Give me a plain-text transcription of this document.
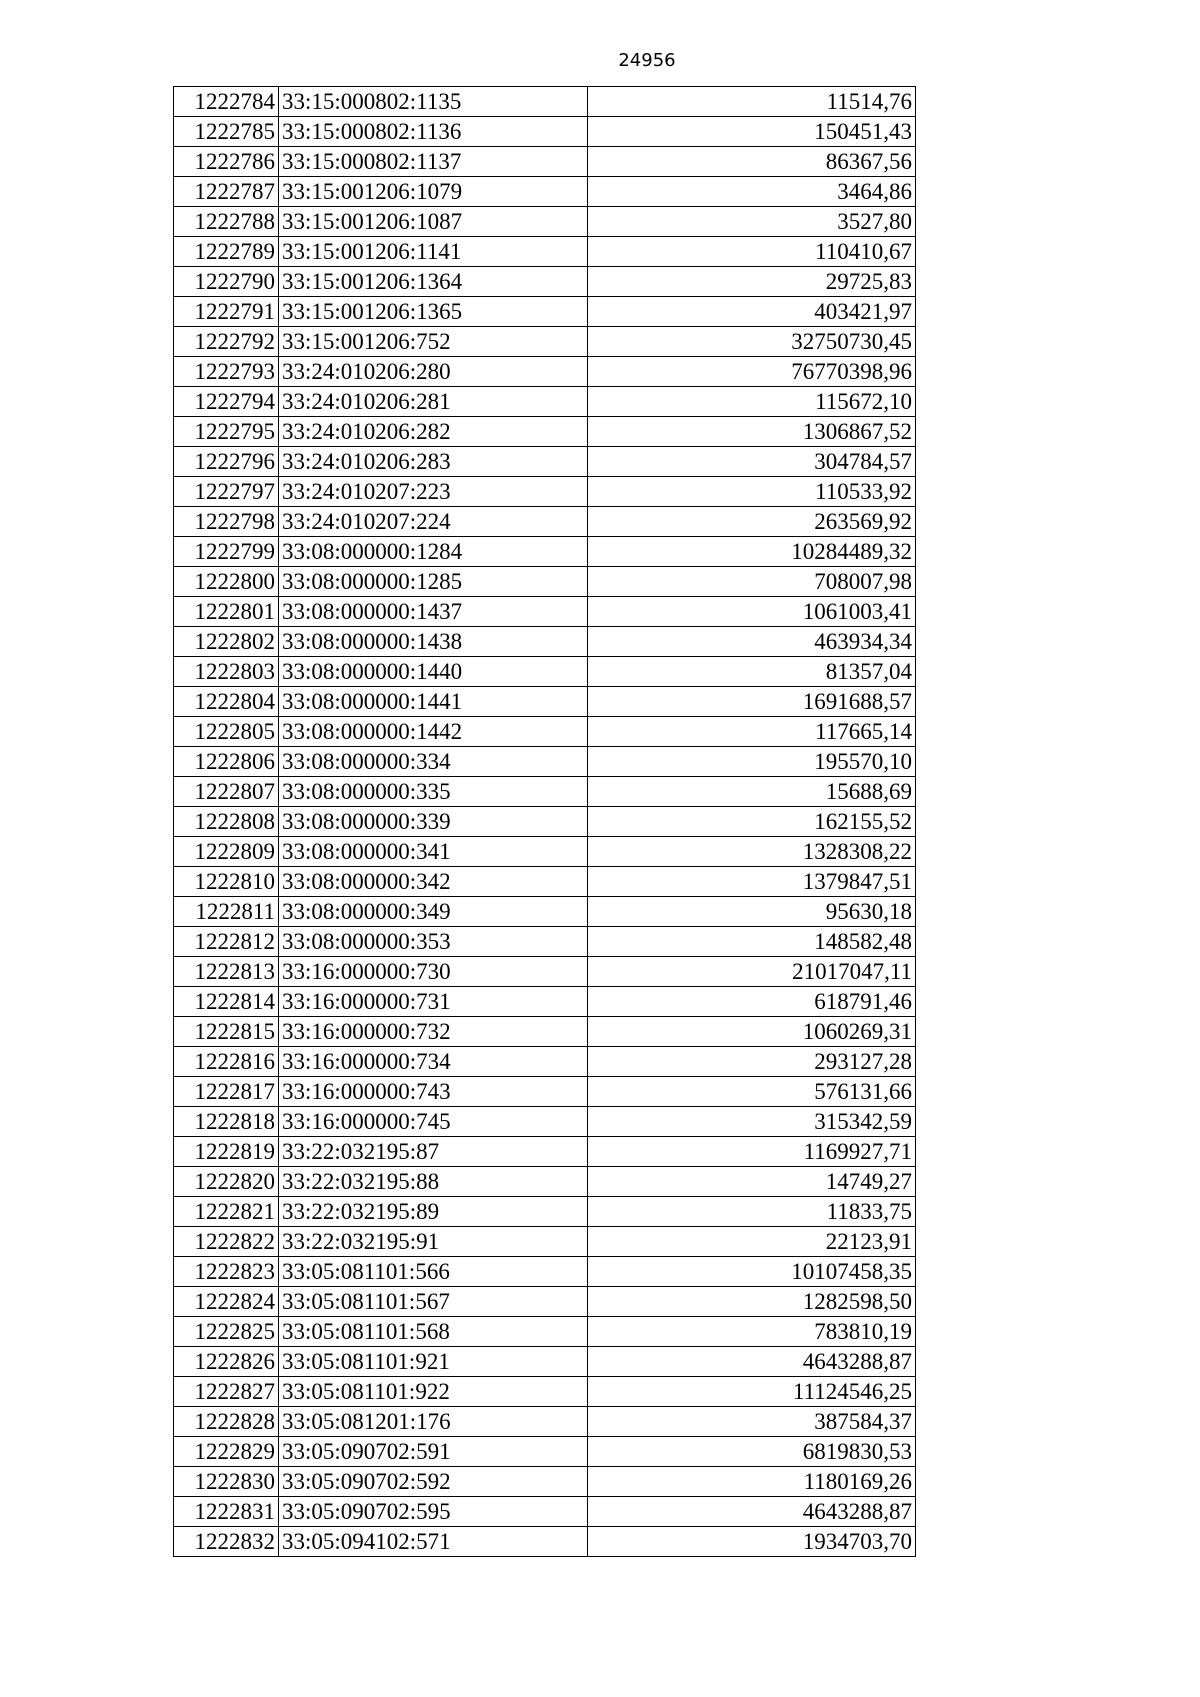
24956
1222784	33:15:000802:1135	11514,76
1222785	33:15:000802:1136	150451,43
1222786	33:15:000802:1137	86367,56
1222787	33:15:001206:1079	3464,86
1222788	33:15:001206:1087	3527,80
1222789	33:15:001206:1141	110410,67
1222790	33:15:001206:1364	29725,83
1222791	33:15:001206:1365	403421,97
1222792	33:15:001206:752	32750730,45
1222793	33:24:010206:280	76770398,96
1222794	33:24:010206:281	115672,10
1222795	33:24:010206:282	1306867,52
1222796	33:24:010206:283	304784,57
1222797	33:24:010207:223	110533,92
1222798	33:24:010207:224	263569,92
1222799	33:08:000000:1284	10284489,32
1222800	33:08:000000:1285	708007,98
1222801	33:08:000000:1437	1061003,41
1222802	33:08:000000:1438	463934,34
1222803	33:08:000000:1440	81357,04
1222804	33:08:000000:1441	1691688,57
1222805	33:08:000000:1442	117665,14
1222806	33:08:000000:334	195570,10
1222807	33:08:000000:335	15688,69
1222808	33:08:000000:339	162155,52
1222809	33:08:000000:341	1328308,22
1222810	33:08:000000:342	1379847,51
1222811	33:08:000000:349	95630,18
1222812	33:08:000000:353	148582,48
1222813	33:16:000000:730	21017047,11
1222814	33:16:000000:731	618791,46
1222815	33:16:000000:732	1060269,31
1222816	33:16:000000:734	293127,28
1222817	33:16:000000:743	576131,66
1222818	33:16:000000:745	315342,59
1222819	33:22:032195:87	1169927,71
1222820	33:22:032195:88	14749,27
1222821	33:22:032195:89	11833,75
1222822	33:22:032195:91	22123,91
1222823	33:05:081101:566	10107458,35
1222824	33:05:081101:567	1282598,50
1222825	33:05:081101:568	783810,19
1222826	33:05:081101:921	4643288,87
1222827	33:05:081101:922	11124546,25
1222828	33:05:081201:176	387584,37
1222829	33:05:090702:591	6819830,53
1222830	33:05:090702:592	1180169,26
1222831	33:05:090702:595	4643288,87
1222832	33:05:094102:571	1934703,70
